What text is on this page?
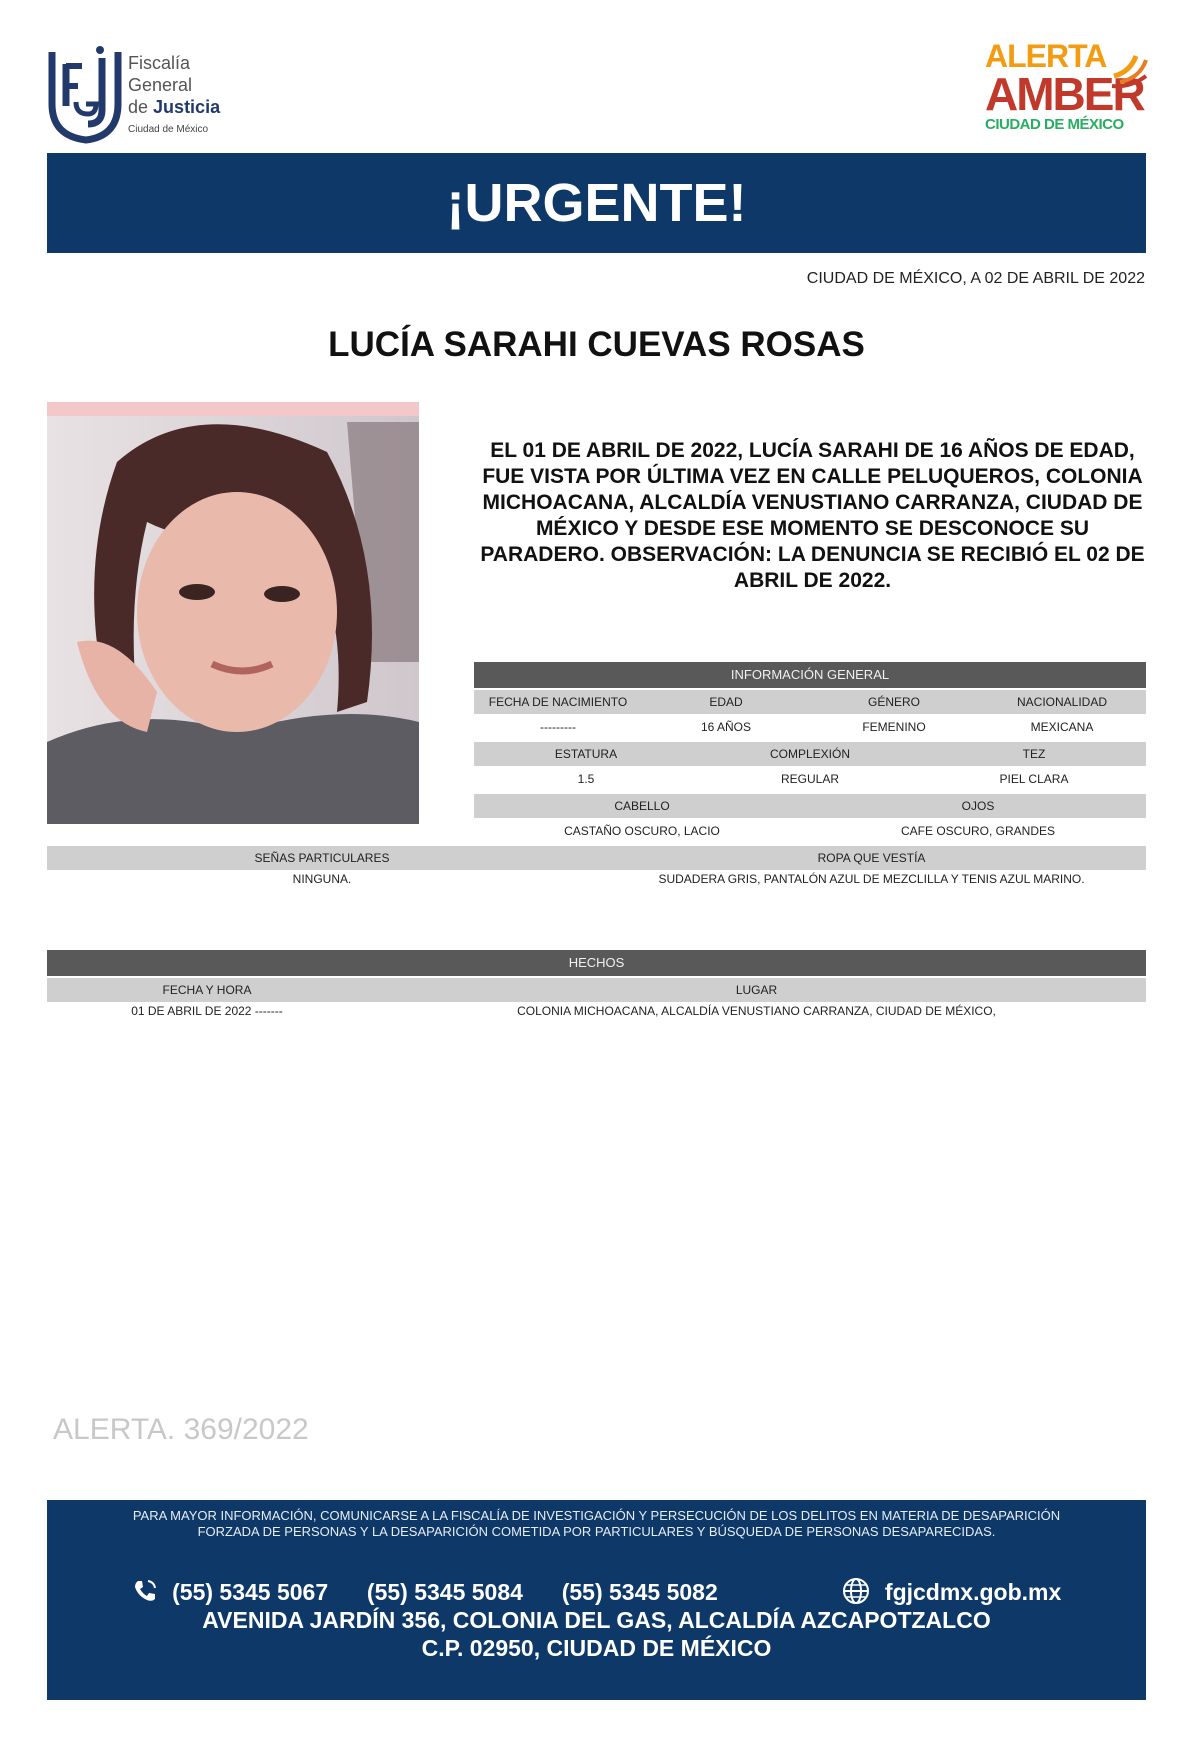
Fiscalía
General
de Justicia
Ciudad de México
ALERTA
AMBER
CIUDAD DE MÉXICO
¡URGENTE!
CIUDAD DE MÉXICO, A 02 DE ABRIL DE 2022
LUCÍA SARAHI CUEVAS ROSAS
EL 01 DE ABRIL DE 2022, LUCÍA SARAHI DE 16 AÑOS DE EDAD, FUE VISTA POR ÚLTIMA VEZ EN CALLE PELUQUEROS, COLONIA MICHOACANA, ALCALDÍA VENUSTIANO CARRANZA, CIUDAD DE MÉXICO Y DESDE ESE MOMENTO SE DESCONOCE SU PARADERO. OBSERVACIÓN: LA DENUNCIA SE RECIBIÓ EL 02 DE ABRIL DE 2022.
INFORMACIÓN GENERAL
FECHA DE NACIMIENTO	EDAD	GÉNERO	NACIONALIDAD
---------	16 AÑOS	FEMENINO	MEXICANA
ESTATURA	COMPLEXIÓN	TEZ
1.5	REGULAR	PIEL CLARA
CABELLO	OJOS
CASTAÑO OSCURO, LACIO	CAFE OSCURO, GRANDES
SEÑAS PARTICULARES	ROPA QUE VESTÍA
NINGUNA.	SUDADERA GRIS, PANTALÓN AZUL DE MEZCLILLA Y TENIS AZUL MARINO.
HECHOS
FECHA Y HORA	LUGAR
01 DE ABRIL DE 2022 -------	COLONIA MICHOACANA, ALCALDÍA VENUSTIANO CARRANZA, CIUDAD DE MÉXICO,
ALERTA. 369/2022
PARA MAYOR INFORMACIÓN, COMUNICARSE A LA FISCALÍA DE INVESTIGACIÓN Y PERSECUCIÓN DE LOS DELITOS EN MATERIA DE DESAPARICIÓN
FORZADA DE PERSONAS Y LA DESAPARICIÓN COMETIDA POR PARTICULARES Y BÚSQUEDA DE PERSONAS DESAPARECIDAS.
(55) 5345 5067 (55) 5345 5084 (55) 5345 5082	fgjcdmx.gob.mx
AVENIDA JARDÍN 356, COLONIA DEL GAS, ALCALDÍA AZCAPOTZALCO
C.P. 02950, CIUDAD DE MÉXICO
